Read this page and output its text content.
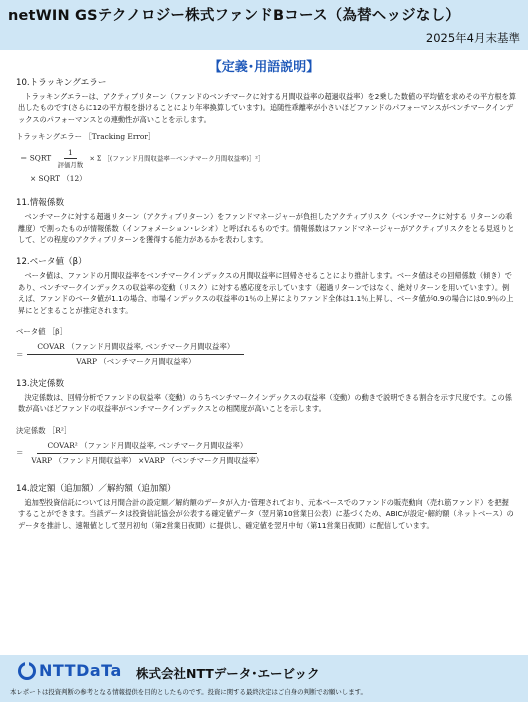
netWIN GSテクノロジー株式ファンドBコース（為替ヘッジなし）
2025年4月末基準
【定義･用語説明】
10.トラッキングエラー

トラッキングエラーは、アクティブリターン（ファンドのベンチマークに対する月間収益率の超過収益率）を2乗した数値の平均値を求めその平方根を算出したものです(さらに12の平方根を掛けることにより年率換算しています)。追随性乖離率が小さいほどファンドのパフォーマンスがベンチマークインデックスのパフォーマンスとの連動性が高いことを示します。

トラッキングエラー ［Tracking Error］
＝ SQRT $\frac{1}{\text{評価月数}} \times \Sigma$ ［(ファンド月間収益率－ベンチマーク月間収益率)］²］
× SQRT （12）
11.情報係数

ベンチマークに対する超過リターン（アクティブリターン）をファンドマネージャーが負担したアクティブリスク（ベンチマークに対する リターンの乖離度）で割ったものが情報係数（インフォメーション･レシオ）と呼ばれるものです。情報係数はファンドマネージャーがアクティブリスクをとる見返りとして、どの程度のアクティブリターンを獲得する能力があるかを表わします。

12.ベータ値（β）

ベータ値は、ファンドの月間収益率をベンチマークインデックスの月間収益率に回帰させることにより推計します。ベータ値はその回帰係数（傾き）であり、ベンチマークインデックスの収益率の変動（リスク）に対する感応度を示しています（超過リターンではなく、絶対リターンを用いています）。例えば、ファンドのベータ値が1.1の場合、市場インデックスの収益率の1％の上昇によりファンド全体は1.1％上昇し、ベータ値が0.9の場合には0.9％の上昇にとどまることが推定されます。

ベータ値 ［β］
＝ $\frac{\text{COVAR （ファンド月間収益率, ベンチマーク月間収益率）}}{\text{VARP （ベンチマーク月間収益率）}}$
13.決定係数

決定係数は、回帰分析でファンドの収益率（変動）のうちベンチマークインデックスの収益率（変動）の動きで説明できる割合を示す尺度です。この係数が高いほどファンドの収益率がベンチマークインデックスとの相関度が高いことを示します。

決定係数 ［R²］
＝ $\frac{\text{COVAR² （ファンド月間収益率, ベンチマーク月間収益率）}}{\text{VARP （ファンド月間収益率） ×VARP （ベンチマーク月間収益率）}}$
14.設定額（追加額）／解約額（追加額）

追加型投資信託については月間合計の設定額／解約額のデータが入力･管理されており、元本ベースでのファンドの販売動向（売れ筋ファンド）を把握することができます。当該データは投資信託協会が公表する確定値データ（翌月第10営業日公表）に基づくため、ABICが設定･解約額（ネットベース）のデータを推計し、速報値として翌月初旬（第2営業日夜間）に提供し、確定値を翌月中旬（第11営業日夜間）に配信しています。

NTTDaTa 株式会社NTTデータ･エービック
本レポートは投資判断の参考となる情報提供を目的としたものです。投資に関する最終決定はご自身の判断でお願いします。
